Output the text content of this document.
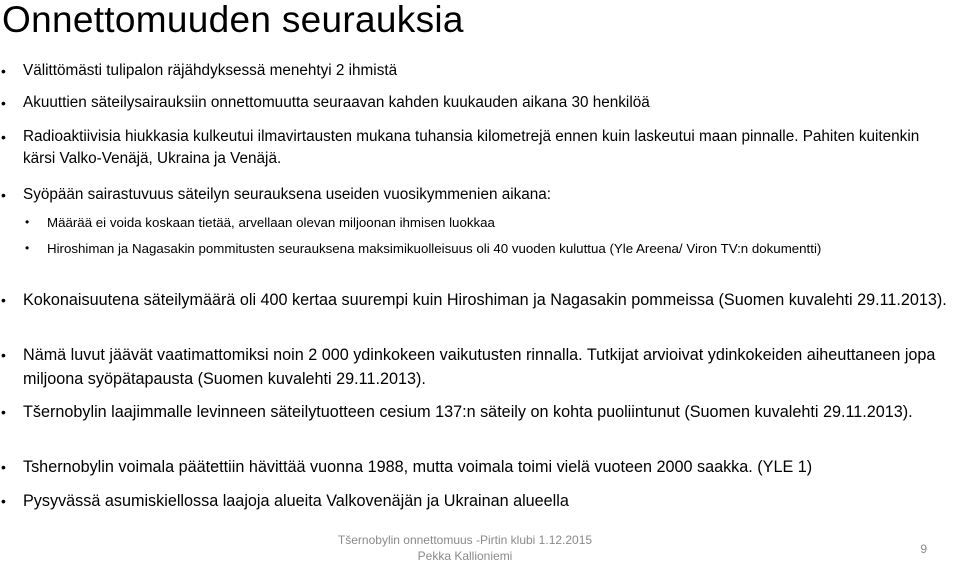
Onnettomuuden seurauksia
• Välittömästi tulipalon räjähdyksessä menehtyi 2 ihmistä
• Akuuttien säteilysairauksiin onnettomuutta seuraavan kahden kuukauden aikana 30 henkilöä
• Radioaktiivisia hiukkasia kulkeutui ilmavirtausten mukana tuhansia kilometrejä ennen kuin laskeutui maan pinnalle. Pahiten kuitenkin kärsi Valko-Venäjä, Ukraina ja Venäjä.
• Syöpään sairastuvuus säteilyn seurauksena useiden vuosikymmenien aikana:
• Määrää ei voida koskaan tietää, arvellaan olevan miljoonan ihmisen luokkaa
• Hiroshiman ja Nagasakin pommitusten seurauksena maksimikuolleisuus oli 40 vuoden kuluttua (Yle Areena/ Viron TV:n dokumentti)
• Kokonaisuutena säteilymäärä oli 400 kertaa suurempi kuin Hiroshiman ja Nagasakin pommeissa (Suomen kuvalehti 29.11.2013).
• Nämä luvut jäävät vaatimattomiksi noin 2 000 ydinkokeen vaikutusten rinnalla. Tutkijat arvioivat ydinkokeiden aiheuttaneen jopa miljoona syöpätapausta (Suomen kuvalehti 29.11.2013).
• Tšernobylin laajimmalle levinneen säteilytuotteen cesium 137:n säteily on kohta puoliintunut (Suomen kuvalehti 29.11.2013).
• Tshernobylin voimala päätettiin hävittää vuonna 1988, mutta voimala toimi vielä vuoteen 2000 saakka. (YLE 1)
• Pysyvässä asumiskiellossa laajoja alueita Valkovenäjän ja Ukrainan alueella
Tšernobylin onnettomuus -Pirtin klubi 1.12.2015
Pekka Kallioniemi	9
